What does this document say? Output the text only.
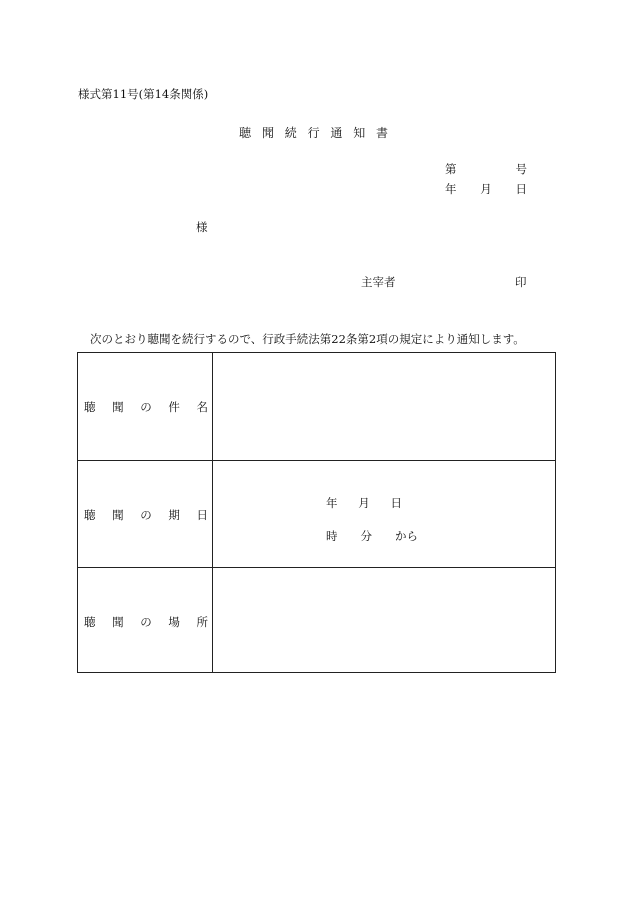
様式第11号(第14条関係)
聴聞続行通知書
第	号
年 月 日
様
主宰者	印
次のとおり聴聞を続行するので、行政手続法第22条第2項の規定により通知します。
聴 聞 の 件 名
聴 聞 の 期 日
年 月 日
時 分 から
聴 聞 の 場 所
